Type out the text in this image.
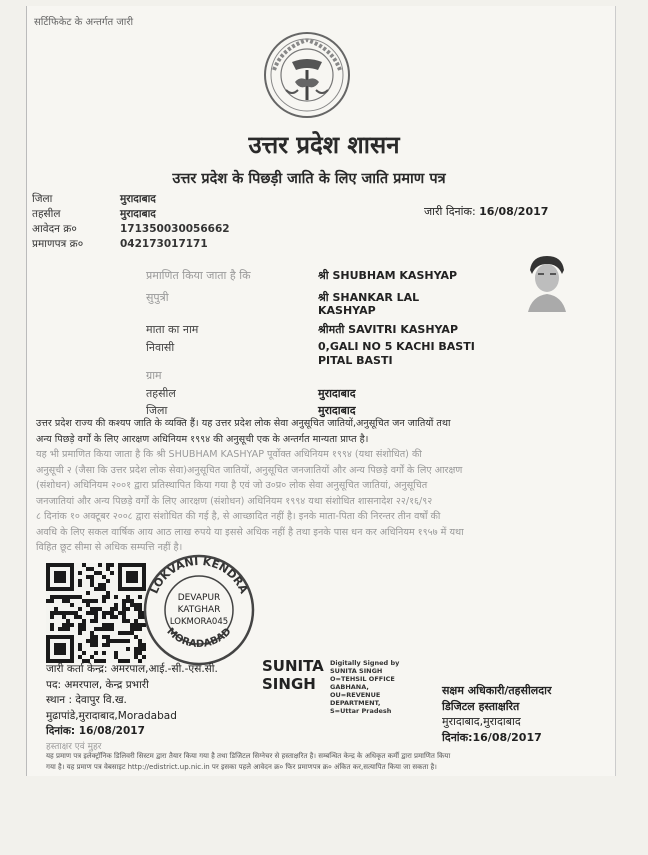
सर्टिफिकेट के अन्तर्गत जारी
उत्तर प्रदेश शासन
उत्तर प्रदेश के पिछड़ी जाति के लिए जाति प्रमाण पत्र
जिला	मुरादाबाद
तहसील	मुरादाबाद
आवेदन क्र०	171350030056662
प्रमाणपत्र क्र०	042173017171
जारी दिनांक: 16/08/2017
प्रमाणित किया जाता है कि	श्री SHUBHAM KASHYAP
सुपुत्री	श्री SHANKAR LAL
KASHYAP
माता का नाम	श्रीमती SAVITRI KASHYAP
निवासी	0,GALI NO 5 KACHI BASTI
PITAL BASTI
ग्राम
तहसील	मुरादाबाद
जिला	मुरादाबाद

उत्तर प्रदेश राज्य की कश्यप जाति के व्यक्ति हैं। यह उत्तर प्रदेश लोक सेवा अनुसूचित जातियों,अनुसूचित जन जातियों तथा

अन्य पिछड़े वर्गों के लिए आरक्षण अधिनियम १९९४ की अनुसूची एक के अन्तर्गत मान्यता प्राप्त है।

यह भी प्रमाणित किया जाता है कि श्री SHUBHAM KASHYAP पूर्वोक्त अधिनियम १९९४ (यथा संशोधित) की

अनुसूची २ (जैसा कि उत्तर प्रदेश लोक सेवा)अनुसूचित जातियों, अनुसूचित जनजातियों और अन्य पिछड़े वर्गों के लिए आरक्षण

(संशोधन) अधिनियम २००१ द्वारा प्रतिस्थापित किया गया है एवं जो उ०प्र० लोक सेवा अनुसूचित जातियां, अनुसूचित

जनजातियां और अन्य पिछड़े वर्गों के लिए आरक्षण (संशोधन) अधिनियम १९९४ यथा संशोधित शासनादेश २२/१६/९२

८ दिनांक १० अक्टूबर २००८ द्वारा संशोधित की गई है, से आच्छादित नहीं है। इनके माता-पिता की निरन्तर तीन वर्षों की

अवधि के लिए सकल वार्षिक आय आठ लाख रुपये या इससे अधिक नहीं है तथा इनके पास धन कर अधिनियम १९५७ में यथा

विहित छूट सीमा से अधिक सम्पत्ति नहीं है।

LOKVANI KENDRA
MORADABAD
DEVAPUR
KATGHAR
LOKMORA045
जारी कर्ता केन्द्र: अमरपाल,आई.-सी.-एस.सी.
पद: अमरपाल, केन्द्र प्रभारी
स्थान : देवापुर वि.ख.
मुढापांडे,मुरादाबाद,Moradabad
दिनांक: 16/08/2017
हस्ताक्षर एवं मुहर
SUNITA
SINGH
Digitally Signed by
SUNITA SINGH
O=TEHSIL OFFICE
GABHANA,
OU=REVENUE
DEPARTMENT,
S=Uttar Pradesh
सक्षम अधिकारी/तहसीलदार
डिजिटल हस्ताक्षरित
मुरादाबाद,मुरादाबाद
दिनांक:16/08/2017
यह प्रमाण पत्र इलेक्ट्रॉनिक डिलिवरी सिस्टम द्वारा तैयार किया गया है तथा डिजिटल सिग्नेचर से हस्ताक्षरित है। सम्बन्धित केन्द्र के अधिकृत कर्मी द्वारा प्रमाणित किया
गया है। यह प्रमाण पत्र वेबसाइट http://edistrict.up.nic.in पर इसका पहले आवेदन क्र० फिर प्रमाणपत्र क्र० अंकित कर,सत्यापित किया जा सकता है।
